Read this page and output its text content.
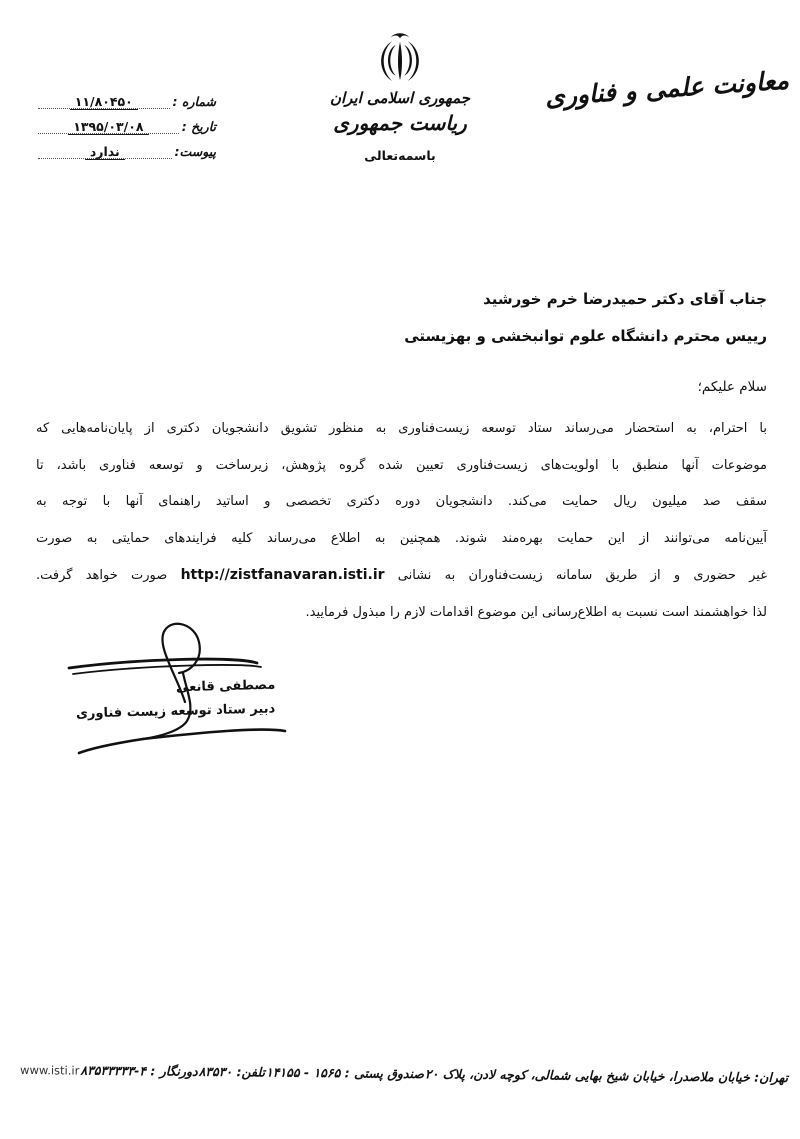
معاونت علمی و فناوری
جمهوری اسلامی ایران
ریاست جمهوری
باسمه‌تعالی
شماره :
۱۱/۸۰۴۵۰
تاریخ :
۱۳۹۵/۰۳/۰۸
پیوست:
ندارد
جناب آقای دکتر حمیدرضا خرم خورشید
رییس محترم دانشگاه علوم توانبخشی و بهزیستی
سلام علیکم؛
با احترام، به استحضار می‌رساند ستاد توسعه زیست‌فناوری به منظور تشویق دانشجویان دکتری از پایان‌نامه‌هایی که
موضوعات آنها منطبق با اولویت‌های زیست‌فناوری تعیین شده گروه پژوهش، زیرساخت و توسعه فناوری باشد، تا
سقف صد میلیون ریال حمایت می‌کند. دانشجویان دوره دکتری تخصصی و اساتید راهنمای آنها با توجه به
آیین‌نامه می‌توانند از این حمایت بهره‌مند شوند. همچنین به اطلاع می‌رساند کلیه فرایندهای حمایتی به صورت
غیر حضوری و از طریق سامانه زیست‌فناوران به نشانی http://zistfanavaran.isti.ir صورت خواهد گرفت.
لذا خواهشمند است نسبت به اطلاع‌رسانی این موضوع اقدامات لازم را مبذول فرمایید.
مصطفی قانعی
دبیر ستاد توسعه زیست فناوری
تهران: خیابان ملاصدرا، خیابان شیخ بهایی شمالی، کوچه لادن، پلاک ۲۰
صندوق پستی : ۱۵۶۵ - ۱۴۱۵۵
تلفن: ۸۳۵۳۰
دورنگار : ۴-۸۳۵۳۳۳۳۳
www.isti.ir
